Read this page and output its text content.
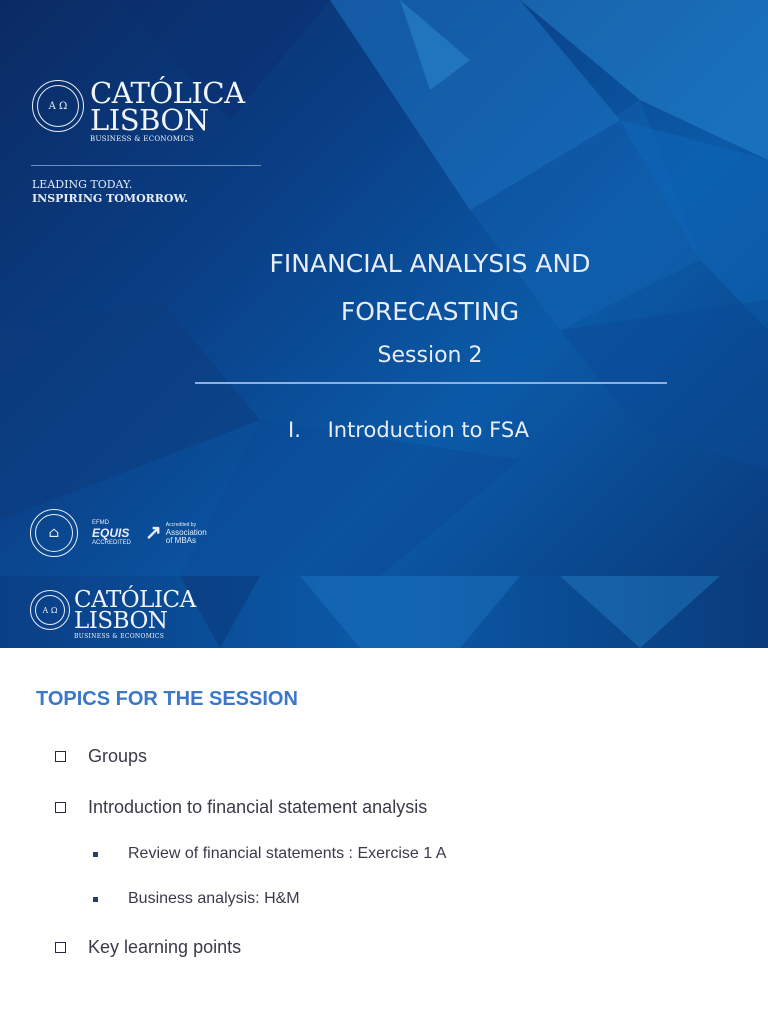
A Ω CATÓLICA
LISBON
BUSINESS & ECONOMICS
LEADING TODAY.
INSPIRING TOMORROW.
FINANCIAL ANALYSIS AND
FORECASTING
Session 2
I.    Introduction to FSA
⌂
EFMD
EQUIS
ACCREDITED ↗ Accredited by
Association
of MBAs
A Ω CATÓLICA
LISBON
BUSINESS & ECONOMICS
TOPICS FOR THE SESSION
Groups
Introduction to financial statement analysis
Review of financial statements : Exercise 1 A
Business analysis: H&M
Key learning points
